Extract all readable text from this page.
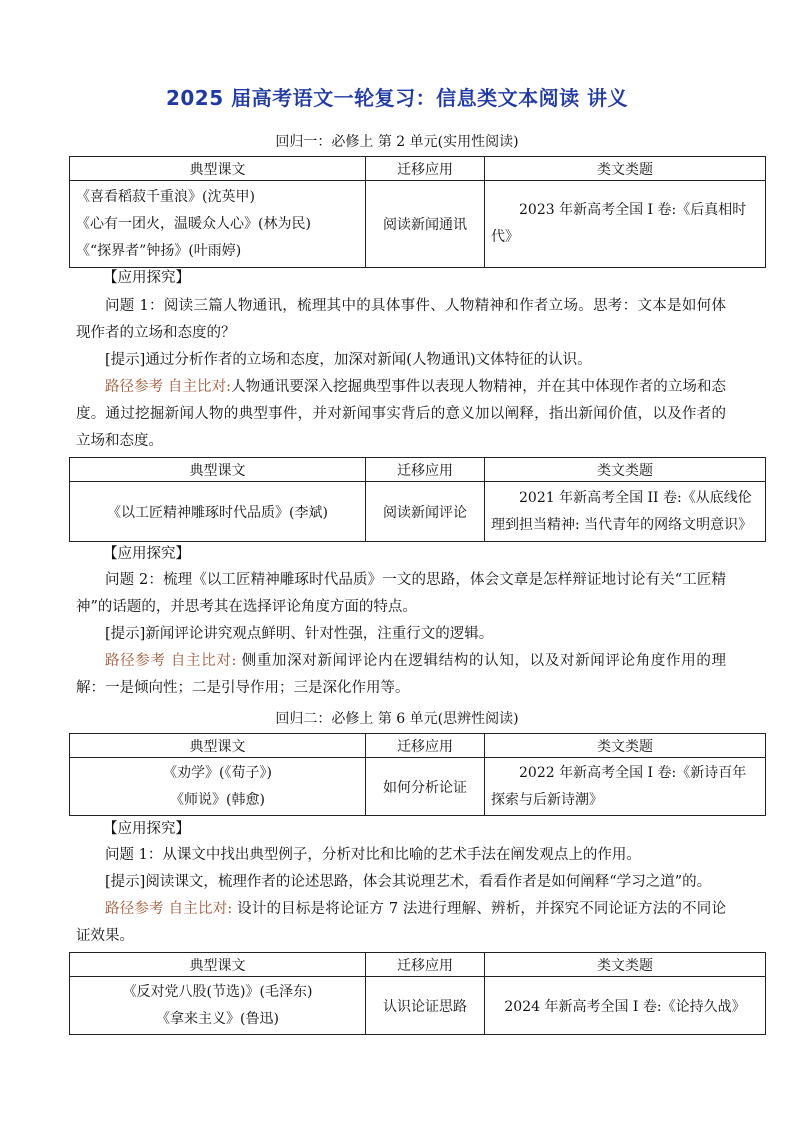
2025 届高考语文一轮复习：信息类文本阅读 讲义
回归一：必修上 第 2 单元(实用性阅读)
典型课文	迁移应用	类文类题

《喜看稻菽千重浪》(沈英甲)
《心有一团火，温暖众人心》(林为民)
《“探界者”钟扬》(叶雨婷)	阅读新闻通讯	2023 年新高考全国 I 卷:《后真相时代》
【应用探究】

问题 1：阅读三篇人物通讯，梳理其中的具体事件、人物精神和作者立场。思考：文本是如何体现作者的立场和态度的？

[提示]通过分析作者的立场和态度，加深对新闻(人物通讯)文体特征的认识。

路径参考 自主比对:人物通讯要深入挖掘典型事件以表现人物精神，并在其中体现作者的立场和态度。通过挖掘新闻人物的典型事件，并对新闻事实背后的意义加以阐释，指出新闻价值，以及作者的立场和态度。

典型课文	迁移应用	类文类题
《以工匠精神雕琢时代品质》(李斌)	阅读新闻评论	2021 年新高考全国 II 卷:《从底线伦理到担当精神: 当代青年的网络文明意识》
【应用探究】

问题 2：梳理《以工匠精神雕琢时代品质》一文的思路，体会文章是怎样辩证地讨论有关“工匠精神”的话题的，并思考其在选择评论角度方面的特点。

[提示]新闻评论讲究观点鲜明、针对性强，注重行文的逻辑。

路径参考 自主比对: 侧重加深对新闻评论内在逻辑结构的认知，以及对新闻评论角度作用的理解：一是倾向性；二是引导作用；三是深化作用等。

回归二：必修上 第 6 单元(思辨性阅读)
典型课文	迁移应用	类文类题

《劝学》(《荀子》)
《师说》(韩愈)	如何分析论证	2022 年新高考全国 I 卷:《新诗百年探索与后新诗潮》
【应用探究】

问题 1：从课文中找出典型例子，分析对比和比喻的艺术手法在阐发观点上的作用。

[提示]阅读课文，梳理作者的论述思路，体会其说理艺术，看看作者是如何阐释“学习之道”的。

路径参考 自主比对: 设计的目标是将论证方 7 法进行理解、辨析，并探究不同论证方法的不同论证效果。

典型课文	迁移应用	类文类题

《反对党八股(节选)》(毛泽东)
《拿来主义》(鲁迅)	认识论证思路	2024 年新高考全国 I 卷:《论持久战》
